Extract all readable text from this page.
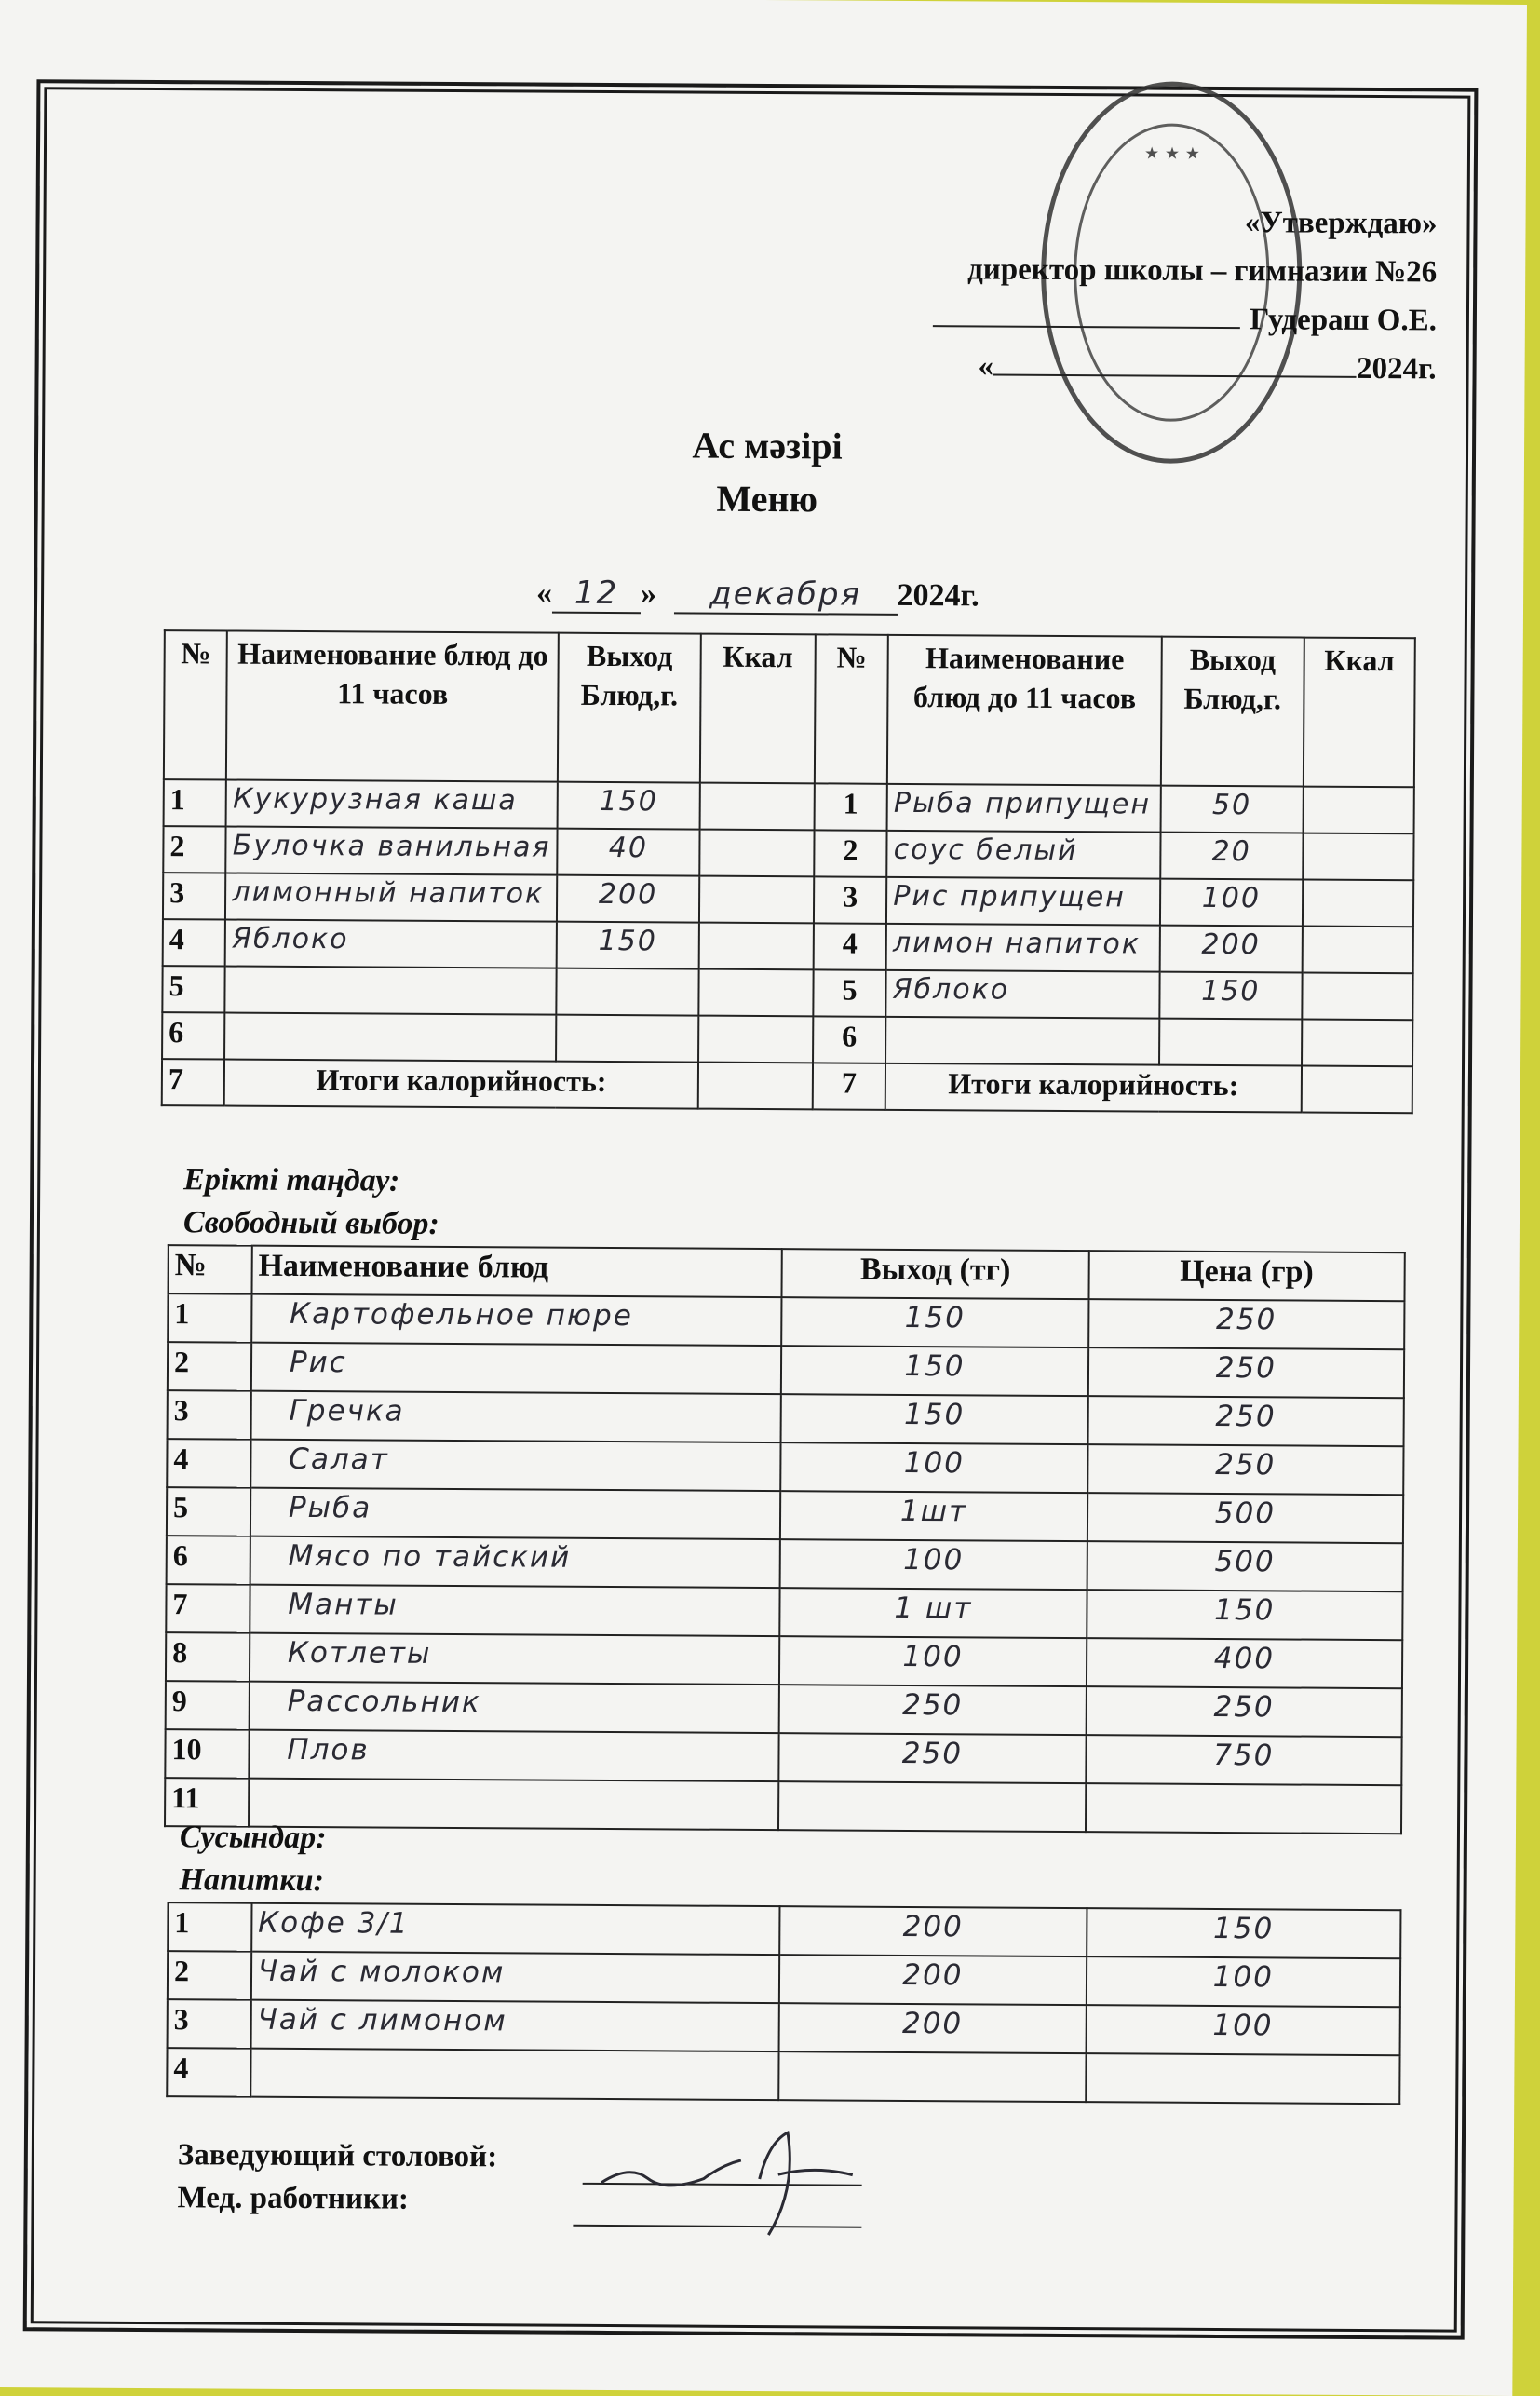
★ ★ ★
«Утверждаю»
директор школы – гимназии №26
Гудераш О.Е.
«	2024г.
Ас мәзірі
Меню
« 12 » декабря 2024г.
№	Наименование блюд до 11 часов	Выход Блюд,г.	Ккал	№	Наименование блюд до 11 часов	Выход Блюд,г.	Ккал
1	Кукурузная каша	150		1	Рыба припущен	50	
2	Булочка ванильная	40		2	соус белый	20	
3	лимонный напиток	200		3	Рис припущен	100	
4	Яблоко	150		4	лимон напиток	200	
5				5	Яблоко	150	
6				6			
7	Итоги калорийность:			7	Итоги калорийность:		
Ерікті таңдау:
Свободный выбор:
№	Наименование блюд	Выход (тг)	Цена (гр)
1	Картофельное пюре	150	250
2	Рис	150	250
3	Гречка	150	250
4	Салат	100	250
5	Рыба	1шт	500
6	Мясо по тайский	100	500
7	Манты	1 шт	150
8	Котлеты	100	400
9	Рассольник	250	250
10	Плов	250	750
11			
Сусындар:
Напитки:
1	Кофе 3/1	200	150
2	Чай с молоком	200	100
3	Чай с лимоном	200	100
4			
Заведующий столовой:
Мед. работники:
